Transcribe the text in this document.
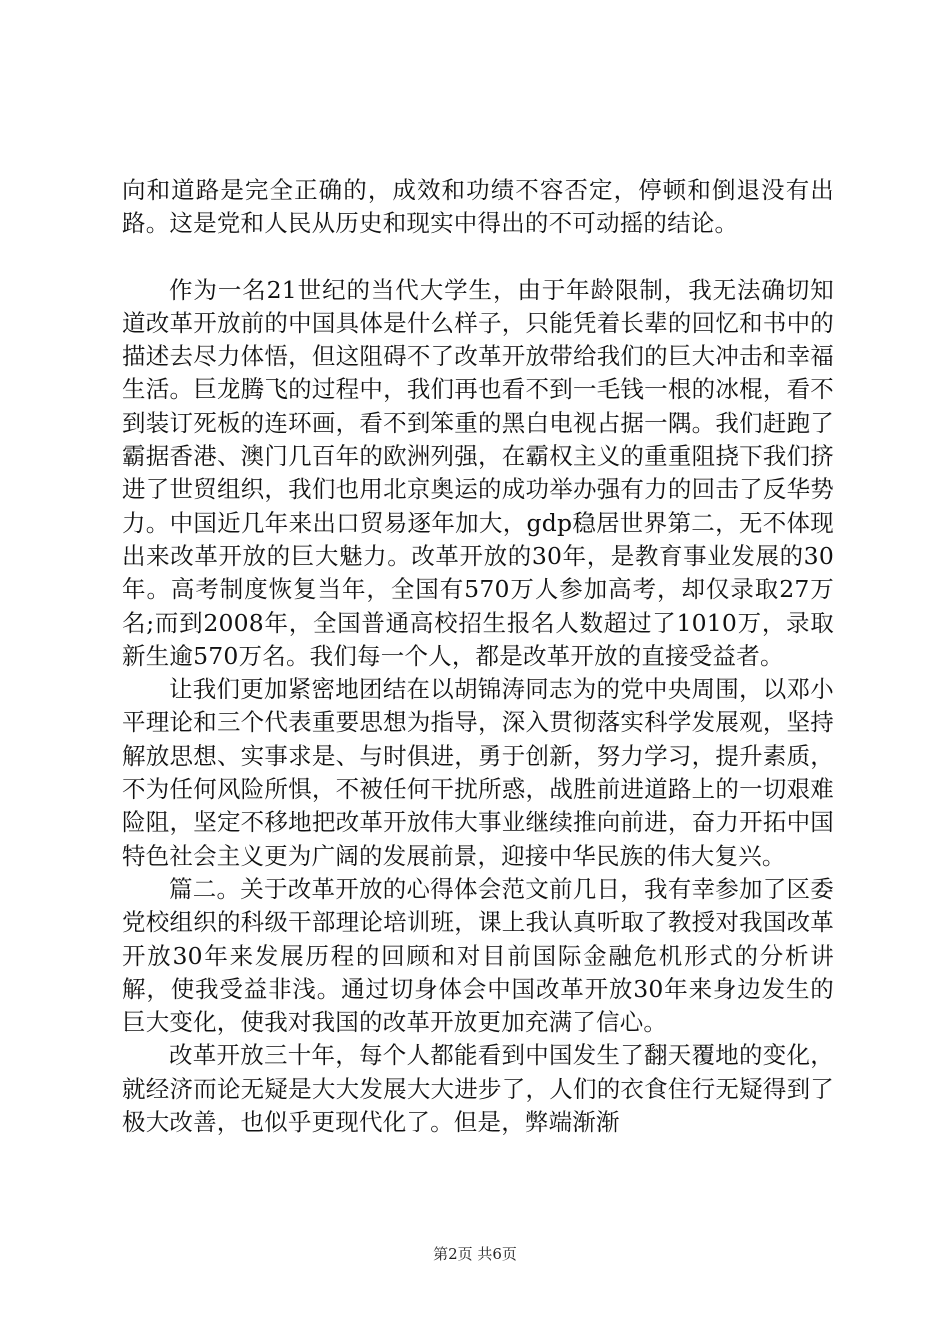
向和道路是完全正确的，成效和功绩不容否定，停顿和倒退没有出路。这是党和人民从历史和现实中得出的不可动摇的结论。

作为一名21世纪的当代大学生，由于年龄限制，我无法确切知道改革开放前的中国具体是什么样子，只能凭着长辈的回忆和书中的描述去尽力体悟，但这阻碍不了改革开放带给我们的巨大冲击和幸福生活。巨龙腾飞的过程中，我们再也看不到一毛钱一根的冰棍，看不到装订死板的连环画，看不到笨重的黑白电视占据一隅。我们赶跑了霸据香港、澳门几百年的欧洲列强，在霸权主义的重重阻挠下我们挤进了世贸组织，我们也用北京奥运的成功举办强有力的回击了反华势力。中国近几年来出口贸易逐年加大，gdp稳居世界第二，无不体现出来改革开放的巨大魅力。改革开放的30年，是教育事业发展的30年。高考制度恢复当年，全国有570万人参加高考，却仅录取27万名;而到2008年，全国普通高校招生报名人数超过了1010万，录取新生逾570万名。我们每一个人，都是改革开放的直接受益者。

让我们更加紧密地团结在以胡锦涛同志为的党中央周围，以邓小平理论和三个代表重要思想为指导，深入贯彻落实科学发展观，坚持解放思想、实事求是、与时俱进，勇于创新，努力学习，提升素质，不为任何风险所惧，不被任何干扰所惑，战胜前进道路上的一切艰难险阻，坚定不移地把改革开放伟大事业继续推向前进，奋力开拓中国特色社会主义更为广阔的发展前景，迎接中华民族的伟大复兴。

篇二。关于改革开放的心得体会范文前几日，我有幸参加了区委党校组织的科级干部理论培训班，课上我认真听取了教授对我国改革开放30年来发展历程的回顾和对目前国际金融危机形式的分析讲解，使我受益非浅。通过切身体会中国改革开放30年来身边发生的巨大变化，使我对我国的改革开放更加充满了信心。

改革开放三十年，每个人都能看到中国发生了翻天覆地的变化，就经济而论无疑是大大发展大大进步了，人们的衣食住行无疑得到了极大改善，也似乎更现代化了。但是，弊端渐渐

第2页 共6页
